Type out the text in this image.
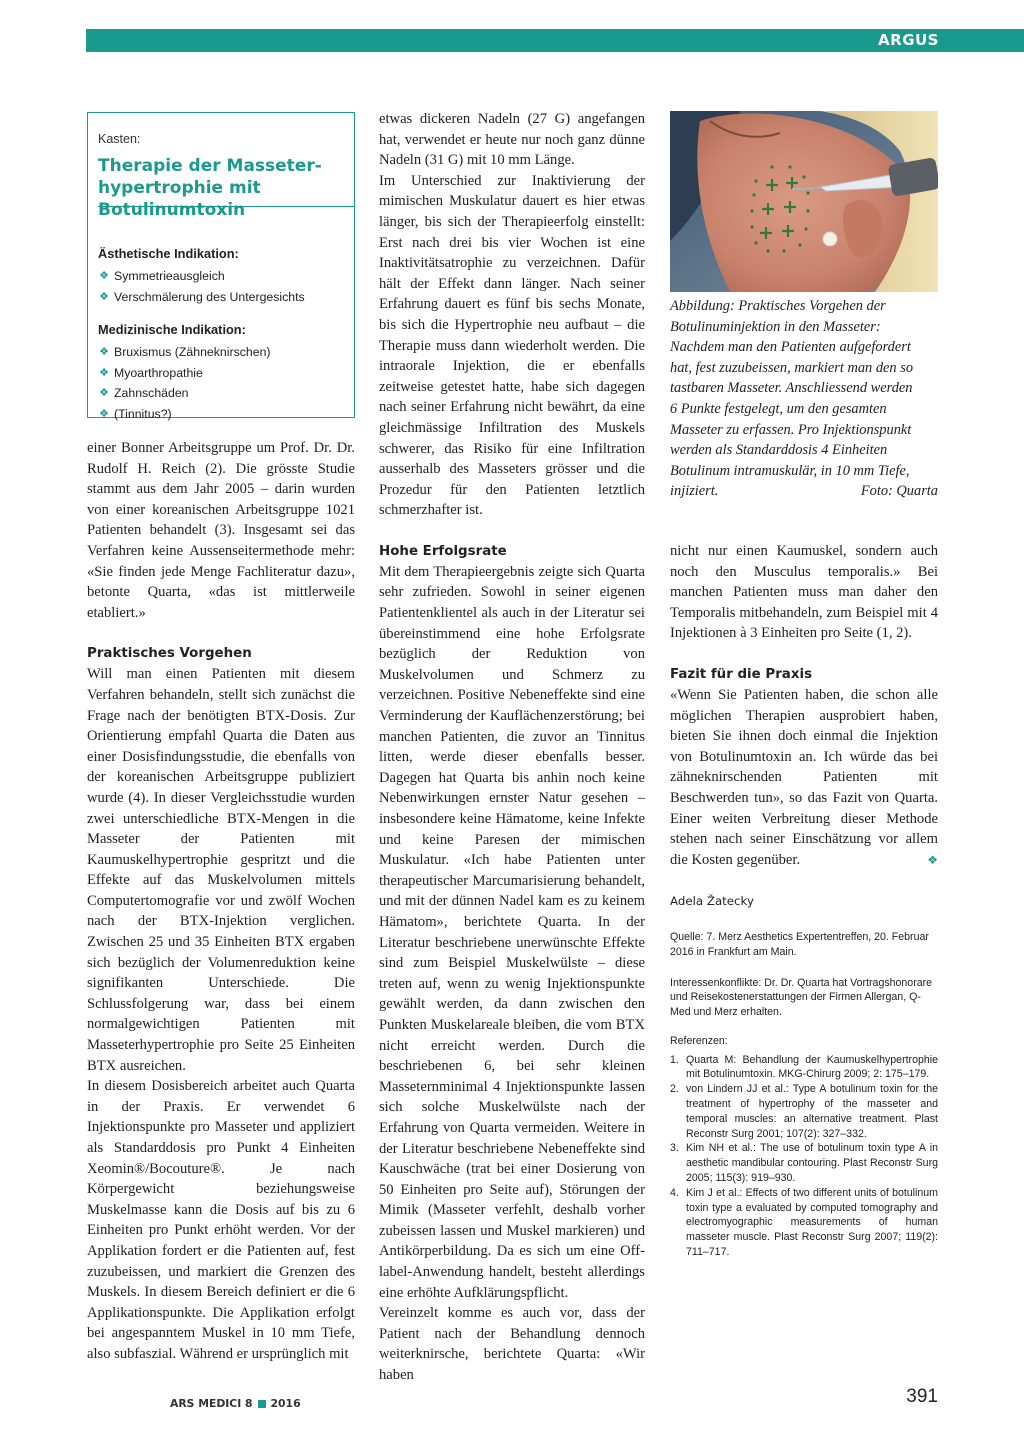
ARGUS
Kasten:
Therapie der Masseter-
hypertrophie mit Botulinumtoxin
Ästhetische Indikation:
❖ Symmetrieausgleich
❖ Verschmälerung des Untergesichts
Medizinische Indikation:
❖ Bruxismus (Zähneknirschen)
❖ Myoarthropathie
❖ Zahnschäden
❖ (Tinnitus?)

einer Bonner Arbeitsgruppe um Prof. Dr. Dr. Rudolf H. Reich (2). Die grösste Studie stammt aus dem Jahr 2005 – darin wurden von einer koreanischen Arbeitsgruppe 1021 Patienten behandelt (3). Insgesamt sei das Verfahren keine Aussenseitermethode mehr: «Sie finden jede Menge Fachliteratur dazu», betonte Quarta, «das ist mittlerweile etabliert.»

Praktisches Vorgehen

Will man einen Patienten mit diesem Verfahren behandeln, stellt sich zunächst die Frage nach der benötigten BTX-Dosis. Zur Orientierung empfahl Quarta die Daten aus einer Dosisfindungsstudie, die ebenfalls von der koreanischen Arbeitsgruppe publiziert wurde (4). In dieser Vergleichsstudie wurden zwei unterschiedliche BTX-Mengen in die Masseter der Patienten mit Kaumuskelhypertrophie gespritzt und die Effekte auf das Muskelvolumen mittels Computertomografie vor und zwölf Wochen nach der BTX-Injektion verglichen. Zwischen 25 und 35 Einheiten BTX ergaben sich bezüglich der Volumenreduktion keine signifikanten Unterschiede. Die Schlussfolgerung war, dass bei einem normalgewichtigen Patienten mit Masseterhypertrophie pro Seite 25 Einheiten BTX ausreichen.

In diesem Dosisbereich arbeitet auch Quarta in der Praxis. Er verwendet 6 Injektionspunkte pro Masseter und appliziert als Standarddosis pro Punkt 4 Einheiten Xeomin®/Bocouture®. Je nach Körpergewicht beziehungsweise Muskelmasse kann die Dosis auf bis zu 6 Einheiten pro Punkt erhöht werden. Vor der Applikation fordert er die Patienten auf, fest zuzubeissen, und markiert die Grenzen des Muskels. In diesem Bereich definiert er die 6 Applikationspunkte. Die Applikation erfolgt bei angespanntem Muskel in 10 mm Tiefe, also subfaszial. Während er ursprünglich mit

etwas dickeren Nadeln (27 G) angefangen hat, verwendet er heute nur noch ganz dünne Nadeln (31 G) mit 10 mm Länge.

Im Unterschied zur Inaktivierung der mimischen Muskulatur dauert es hier etwas länger, bis sich der Therapieerfolg einstellt: Erst nach drei bis vier Wochen ist eine Inaktivitätsatrophie zu verzeichnen. Dafür hält der Effekt dann länger. Nach seiner Erfahrung dauert es fünf bis sechs Monate, bis sich die Hypertrophie neu aufbaut – die Therapie muss dann wiederholt werden. Die intraorale Injektion, die er ebenfalls zeitweise getestet hatte, habe sich dagegen nach seiner Erfahrung nicht bewährt, da eine gleichmässige Infiltration des Muskels schwerer, das Risiko für eine Infiltration ausserhalb des Masseters grösser und die Prozedur für den Patienten letztlich schmerzhafter ist.

Hohe Erfolgsrate

Mit dem Therapieergebnis zeigte sich Quarta sehr zufrieden. Sowohl in seiner eigenen Patientenklientel als auch in der Literatur sei übereinstimmend eine hohe Erfolgsrate bezüglich der Reduktion von Muskelvolumen und Schmerz zu verzeichnen. Positive Nebeneffekte sind eine Verminderung der Kauflächenzerstörung; bei manchen Patienten, die zuvor an Tinnitus litten, werde dieser ebenfalls besser. Dagegen hat Quarta bis anhin noch keine Nebenwirkungen ernster Natur gesehen – insbesondere keine Hämatome, keine Infekte und keine Paresen der mimischen Muskulatur. «Ich habe Patienten unter therapeutischer Marcumarisierung behandelt, und mit der dünnen Nadel kam es zu keinem Hämatom», berichtete Quarta. In der Literatur beschriebene unerwünschte Effekte sind zum Beispiel Muskelwülste – diese treten auf, wenn zu wenig Injektionspunkte gewählt werden, da dann zwischen den Punkten Muskelareale bleiben, die vom BTX nicht erreicht werden. Durch die beschriebenen 6, bei sehr kleinen Masseternminimal 4 Injektionspunkte lassen sich solche Muskelwülste nach der Erfahrung von Quarta vermeiden. Weitere in der Literatur beschriebene Nebeneffekte sind Kauschwäche (trat bei einer Dosierung von 50 Einheiten pro Seite auf), Störungen der Mimik (Masseter verfehlt, deshalb vorher zubeissen lassen und Muskel markieren) und Antikörperbildung. Da es sich um eine Off-label-Anwendung handelt, besteht allerdings eine erhöhte Aufklärungspflicht.

Vereinzelt komme es auch vor, dass der Patient nach der Behandlung dennoch weiterknirsche, berichtete Quarta: «Wir haben

Abbildung: Praktisches Vorgehen der
Botulinuminjektion in den Masseter:
Nachdem man den Patienten aufgefordert
hat, fest zuzubeissen, markiert man den so
tastbaren Masseter. Anschliessend werden
6 Punkte festgelegt, um den gesamten
Masseter zu erfassen. Pro Injektionspunkt
werden als Standarddosis 4 Einheiten
Botulinum intramuskulär, in 10 mm Tiefe,
injiziert.	Foto: Quarta

nicht nur einen Kaumuskel, sondern auch noch den Musculus temporalis.» Bei manchen Patienten muss man daher den Temporalis mitbehandeln, zum Beispiel mit 4 Injektionen à 3 Einheiten pro Seite (1, 2).

Fazit für die Praxis

«Wenn Sie Patienten haben, die schon alle möglichen Therapien ausprobiert haben, bieten Sie ihnen doch einmal die Injektion von Botulinumtoxin an. Ich würde das bei zähneknirschenden Patienten mit Beschwerden tun», so das Fazit von Quarta. Einer weiten Verbreitung dieser Methode stehen nach seiner Einschätzung vor allem die Kosten gegenüber.	❖

Adela Žatecky

Quelle: 7. Merz Aesthetics Expertentreffen, 20. Februar 2016 in Frankfurt am Main.

Interessenkonflikte: Dr. Dr. Quarta hat Vortragshonorare und Reisekostenerstattungen der Firmen Allergan, Q-Med und Merz erhalten.

Referenzen:

1. Quarta M: Behandlung der Kaumuskelhypertrophie mit Botulinumtoxin. MKG-Chirurg 2009; 2: 175–179.
2. von Lindern JJ et al.: Type A botulinum toxin for the treatment of hypertrophy of the masseter and temporal muscles: an alternative treatment. Plast Reconstr Surg 2001; 107(2): 327–332.
3. Kim NH et al.: The use of botulinum toxin type A in aesthetic mandibular contouring. Plast Reconstr Surg 2005; 115(3): 919–930.
4. Kim J et al.: Effects of two different units of botulinum toxin type a evaluated by computed tomography and electromyographic measurements of human masseter muscle. Plast Reconstr Surg 2007; 119(2): 711–717.
ARS MEDICI 8 2016	391
